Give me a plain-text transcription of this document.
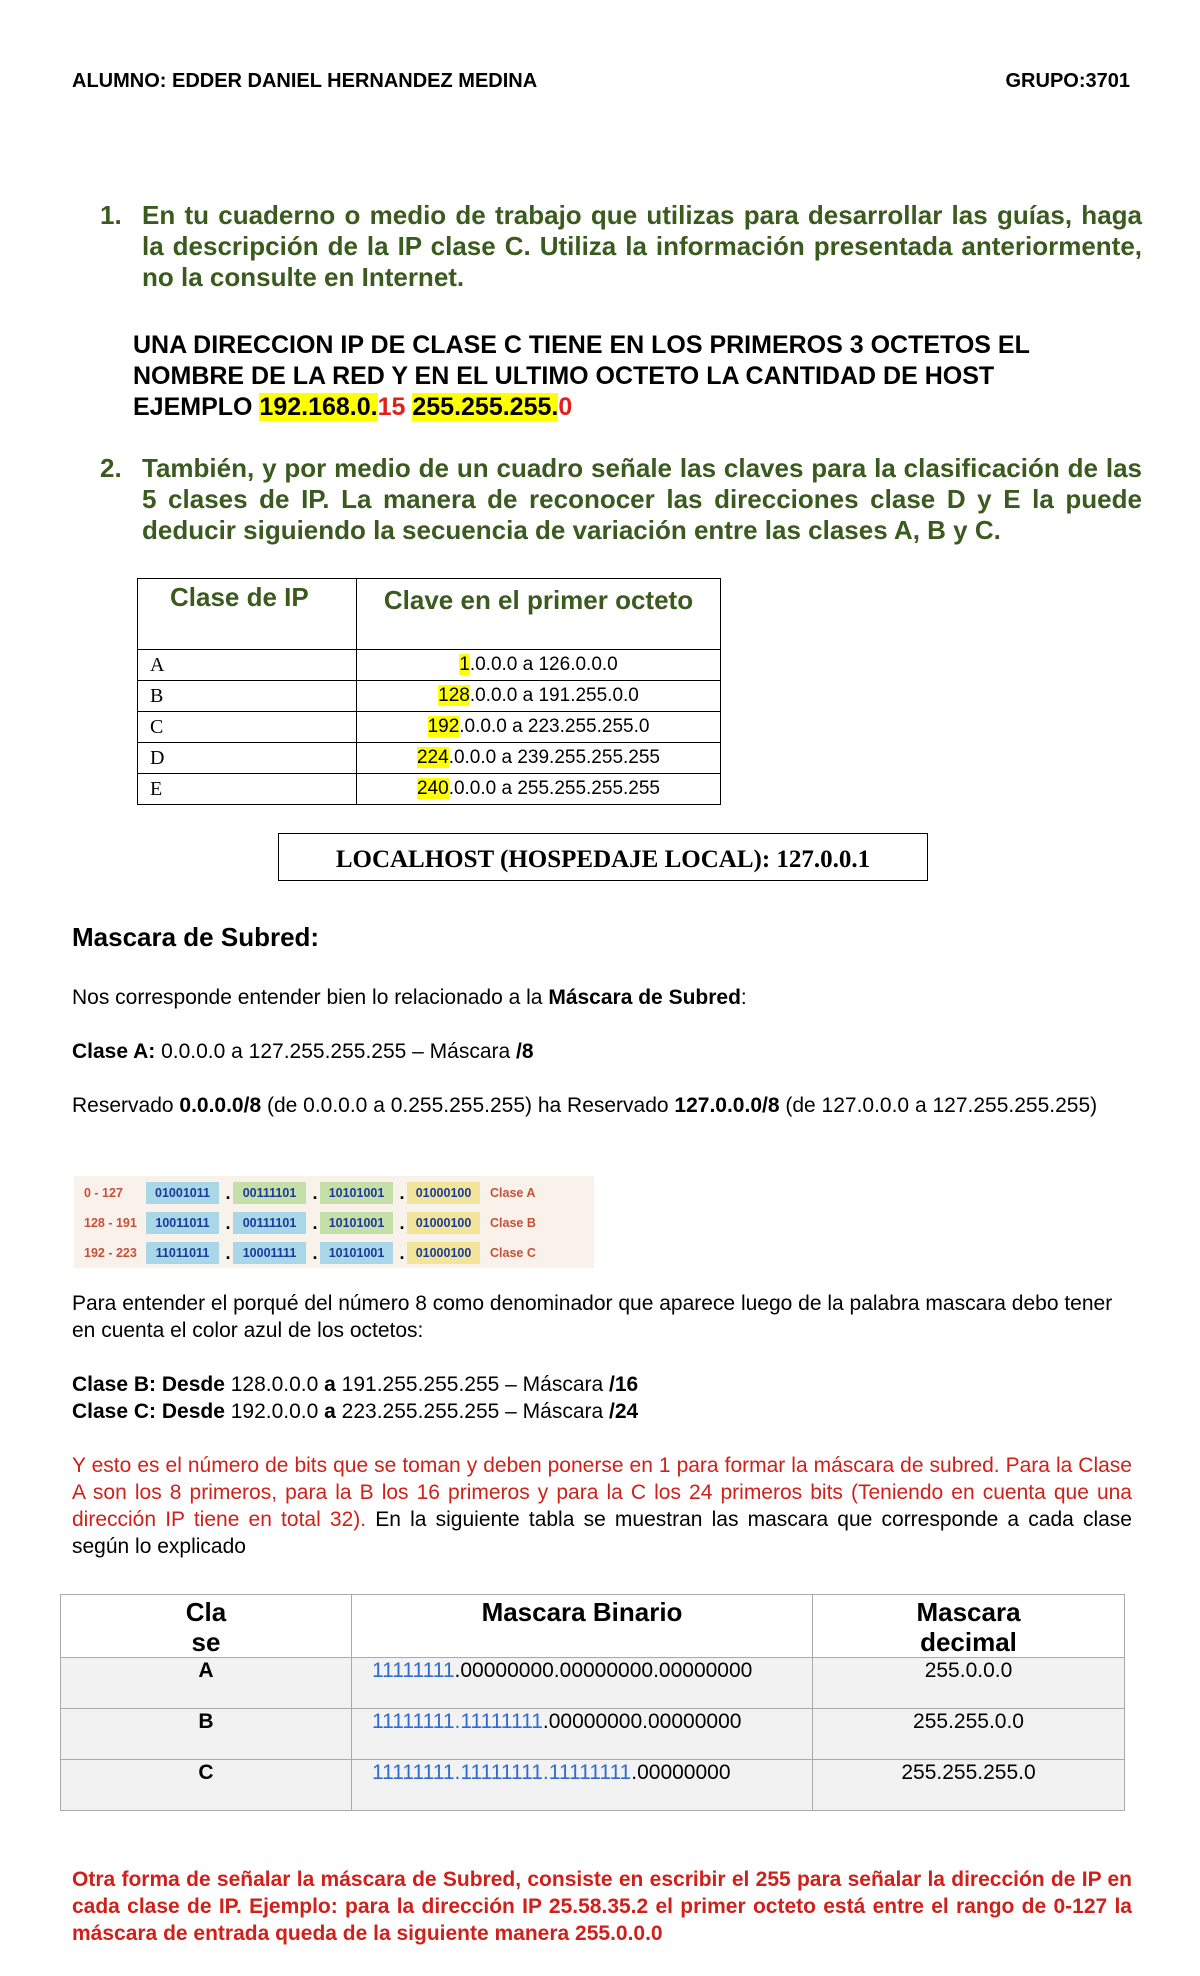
ALUMNO: EDDER DANIEL HERNANDEZ MEDINA	GRUPO:3701
1. En tu cuaderno o medio de trabajo que utilizas para desarrollar las guías, haga la descripción de la IP clase C. Utiliza la información presentada anteriormente, no la consulte en Internet.
UNA DIRECCION IP DE CLASE C TIENE EN LOS PRIMEROS 3 OCTETOS EL
NOMBRE DE LA RED Y EN EL ULTIMO OCTETO LA CANTIDAD DE HOST
EJEMPLO 192.168.0.15 255.255.255.0
2. También, y por medio de un cuadro señale las claves para la clasificación de las 5 clases de IP. La manera de reconocer las direcciones clase D y E la puede deducir siguiendo la secuencia de variación entre las clases A, B y C.
Clase de IP	Clave en el primer octeto
A	1.0.0.0 a 126.0.0.0
B	128.0.0.0 a 191.255.0.0
C	192.0.0.0 a 223.255.255.0
D	224.0.0.0 a 239.255.255.255
E	240.0.0.0 a 255.255.255.255
LOCALHOST (HOSPEDAJE LOCAL): 127.0.0.1
Mascara de Subred:
Nos corresponde entender bien lo relacionado a la Máscara de Subred:
Clase A: 0.0.0.0 a 127.255.255.255 – Máscara /8
Reservado 0.0.0.0/8 (de 0.0.0.0 a 0.255.255.255) ha Reservado 127.0.0.0/8 (de 127.0.0.0 a 127.255.255.255)
0 - 127	01001011 . 00111101 . 10101001 . 01000100	Clase A
128 - 191	10011011 . 00111101 . 10101001 . 01000100	Clase B
192 - 223	11011011 . 10001111 . 10101001 . 01000100	Clase C
Para entender el porqué del número 8 como denominador que aparece luego de la palabra mascara debo tener en cuenta el color azul de los octetos:
Clase B: Desde 128.0.0.0 a 191.255.255.255 – Máscara /16
Clase C: Desde 192.0.0.0 a 223.255.255.255 – Máscara /24
Y esto es el número de bits que se toman y deben ponerse en 1 para formar la máscara de subred. Para la Clase A son los 8 primeros, para la B los 16 primeros y para la C los 24 primeros bits (Teniendo en cuenta que una dirección IP tiene en total 32). En la siguiente tabla se muestran las mascara que corresponde a cada clase según lo explicado
Cla se	Mascara Binario	Mascara decimal

A	11111111.00000000.00000000.00000000	255.0.0.0
B	11111111.11111111.00000000.00000000	255.255.0.0
C	11111111.11111111.11111111.00000000	255.255.255.0
Otra forma de señalar la máscara de Subred, consiste en escribir el 255 para señalar la dirección de IP en cada clase de IP. Ejemplo: para la dirección IP 25.58.35.2 el primer octeto está entre el rango de 0-127 la máscara de entrada queda de la siguiente manera 255.0.0.0
